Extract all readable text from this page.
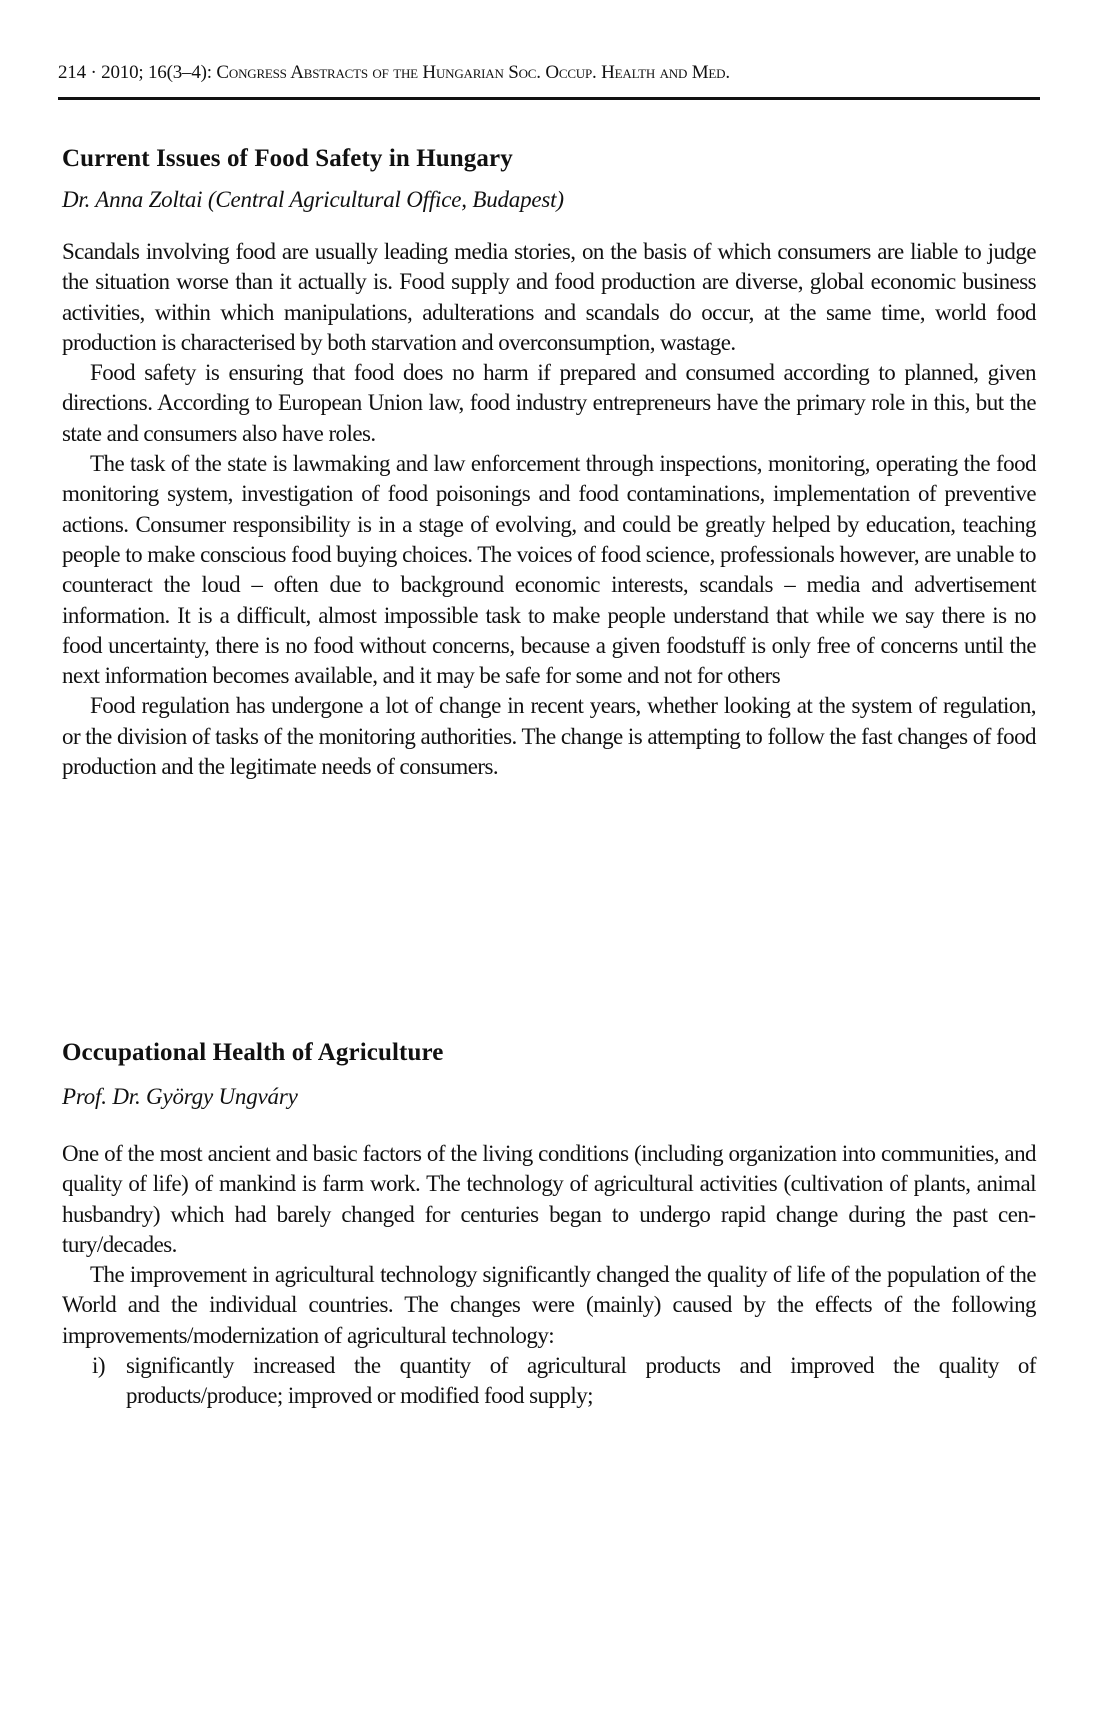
214 · 2010; 16(3–4): Congress Abstracts of the Hungarian Soc. Occup. Health and Med.
Current Issues of Food Safety in Hungary
Dr. Anna Zoltai (Central Agricultural Office, Budapest)

Scandals involving food are usually leading media stories, on the basis of which consumers are liable to judge the situation worse than it actually is. Food supply and food production are diverse, global economic business activities, within which manipulations, adulterations and scandals do occur, at the same time, world food production is characterised by both starvation and overconsumption, wastage.

Food safety is ensuring that food does no harm if prepared and consumed according to planned, given directions. According to European Union law, food industry entrepreneurs have the primary role in this, but the state and consumers also have roles.

The task of the state is lawmaking and law enforcement through inspections, monitoring, operating the food monitoring system, investigation of food poisonings and food contaminations, implementation of preventive actions. Consumer responsibility is in a stage of evolving, and could be greatly helped by education, teaching people to make conscious food buying choices. The voices of food science, professionals however, are unable to counteract the loud – often due to background economic interests, scandals – media and advertisement information. It is a difficult, almost impossible task to make people understand that while we say there is no food uncertainty, there is no food without concerns, because a given foodstuff is only free of concerns until the next information becomes available, and it may be safe for some and not for others

Food regulation has undergone a lot of change in recent years, whether looking at the system of regulation, or the division of tasks of the monitoring authorities. The change is attempting to follow the fast changes of food production and the legitimate needs of consumers.

Occupational Health of Agriculture
Prof. Dr. György Ungváry

One of the most ancient and basic factors of the living conditions (including organization into communities, and quality of life) of mankind is farm work. The technology of agricultural activities (cultivation of plants, animal husbandry) which had barely changed for centuries began to undergo rapid change during the past century/decades.

The improvement in agricultural technology significantly changed the quality of life of the population of the World and the individual countries. The changes were (mainly) caused by the effects of the following improvements/modernization of agricultural technology:

i) significantly increased the quantity of agricultural products and improved the quality of products/produce; improved or modified food supply;
